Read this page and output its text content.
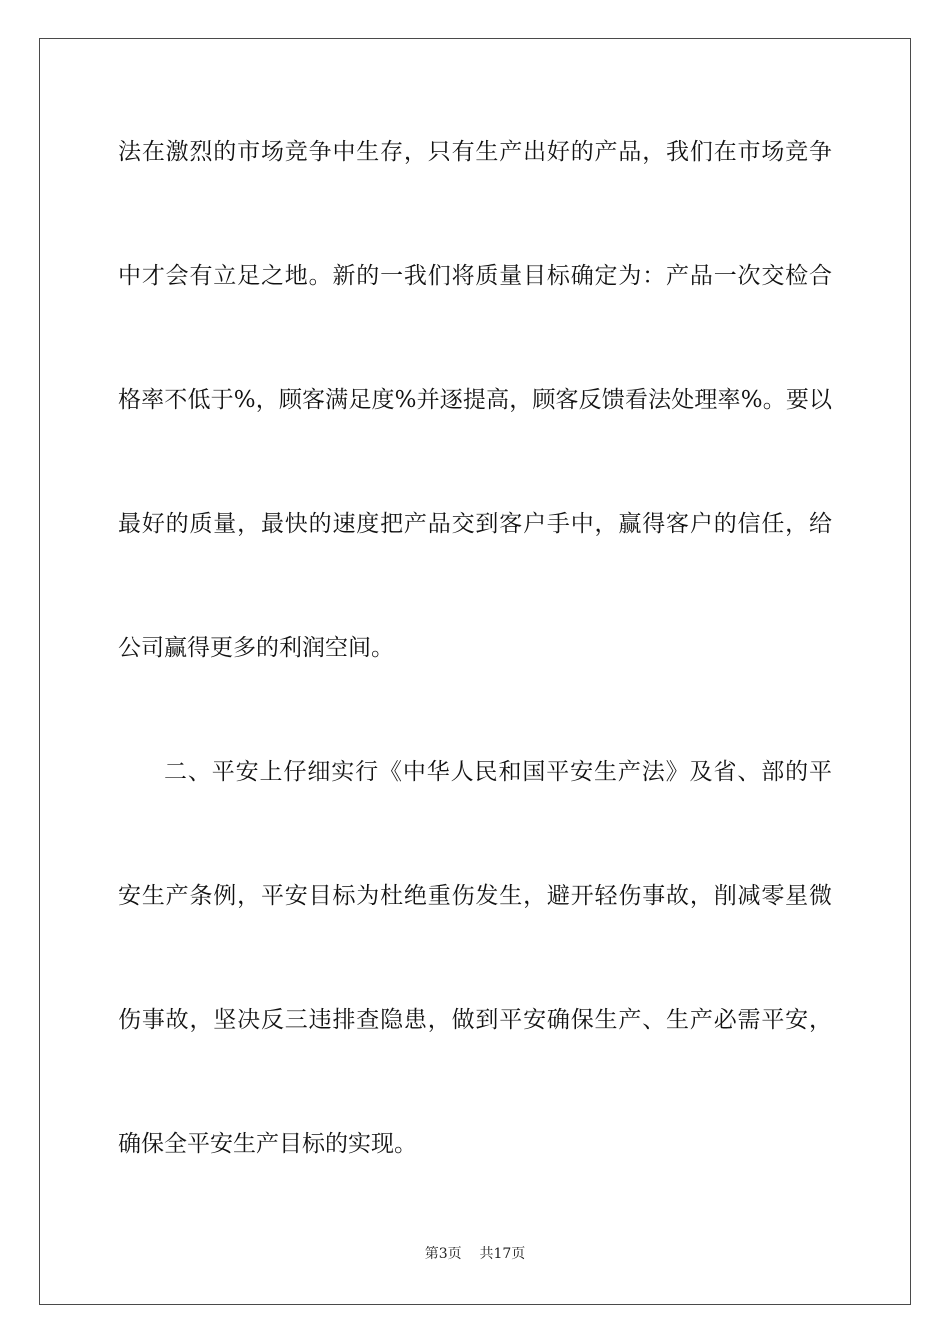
法在激烈的市场竞争中生存，只有生产出好的产品，我们在市场竞争
中才会有立足之地。新的一我们将质量目标确定为：产品一次交检合
格率不低于%，顾客满足度%并逐提高，顾客反馈看法处理率%。要以
最好的质量，最快的速度把产品交到客户手中，赢得客户的信任，给
公司赢得更多的利润空间。
二、平安上仔细实行《中华人民和国平安生产法》及省、部的平
安生产条例，平安目标为杜绝重伤发生，避开轻伤事故，削减零星微
伤事故，坚决反三违排查隐患，做到平安确保生产、生产必需平安，
确保全平安生产目标的实现。
第3页 共17页
